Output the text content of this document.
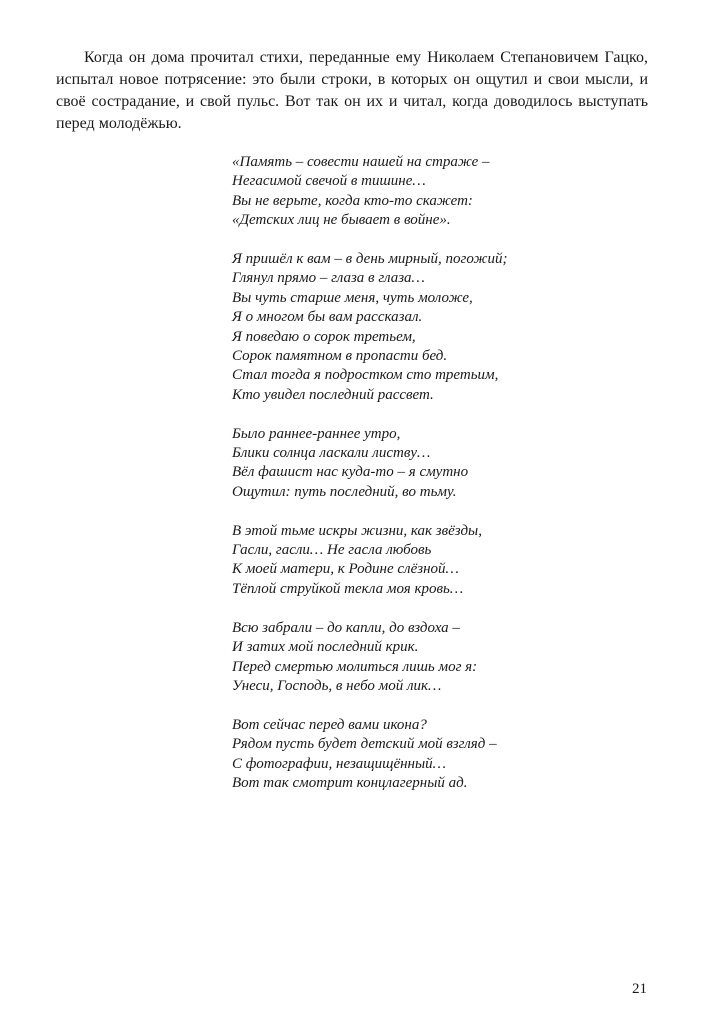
Когда он дома прочитал стихи, переданные ему Николаем Степановичем Гацко, испытал новое потрясение: это были строки, в которых он ощутил и свои мысли, и своё сострадание, и свой пульс. Вот так он их и читал, когда доводилось выступать перед молодёжью.

«Память – совести нашей на страже –
Негасимой свечой в тишине…
Вы не верьте, когда кто-то скажет:
«Детских лиц не бывает в войне».
Я пришёл к вам – в день мирный, погожий;
Глянул прямо – глаза в глаза…
Вы чуть старше меня, чуть моложе,
Я о многом бы вам рассказал.
Я поведаю о сорок третьем,
Сорок памятном в пропасти бед.
Стал тогда я подростком сто третьим,
Кто увидел последний рассвет.
Было раннее-раннее утро,
Блики солнца ласкали листву…
Вёл фашист нас куда-то – я смутно
Ощутил: путь последний, во тьму.
В этой тьме искры жизни, как звёзды,
Гасли, гасли… Не гасла любовь
К моей матери, к Родине слёзной…
Тёплой струйкой текла моя кровь…
Всю забрали – до капли, до вздоха –
И затих мой последний крик.
Перед смертью молиться лишь мог я:
Унеси, Господь, в небо мой лик…
Вот сейчас перед вами икона?
Рядом пусть будет детский мой взгляд –
С фотографии, незащищённый…
Вот так смотрит концлагерный ад.
21
